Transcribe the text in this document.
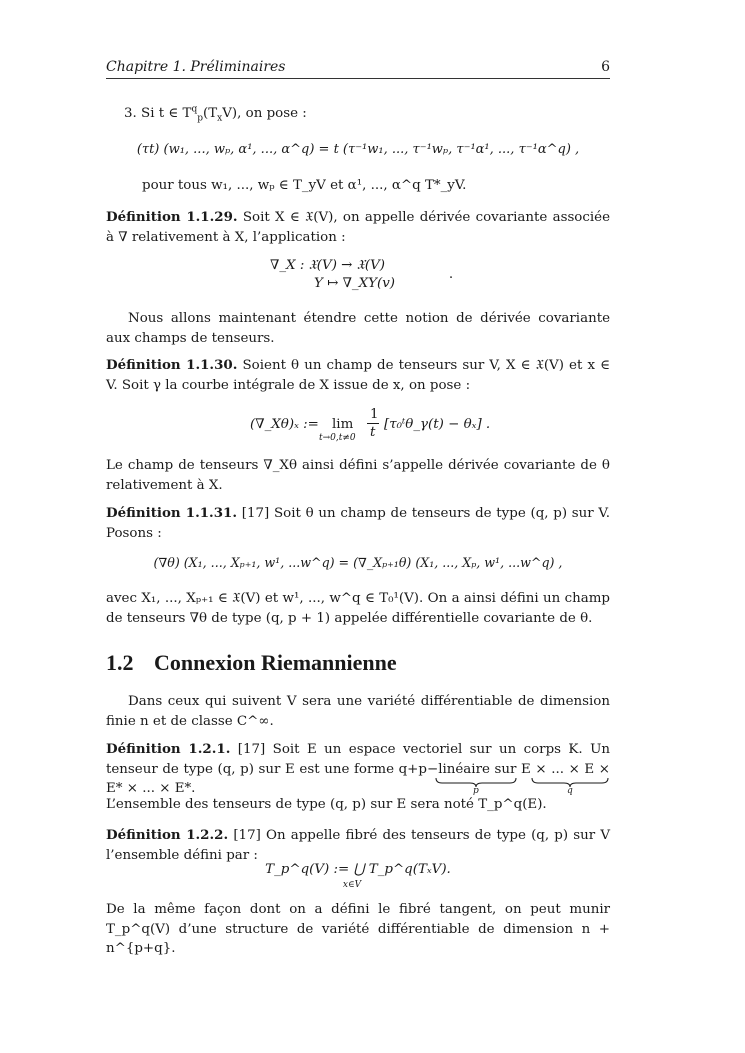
Chapitre 1. Préliminaires	6
3. Si t ∈ $T^q_p(T_xV)$, on pose :
(τt) (w₁, ..., wₚ, α¹, ..., α^q) = t (τ⁻¹w₁, ..., τ⁻¹wₚ, τ⁻¹α¹, ..., τ⁻¹α^q) ,
pour tous w₁, ..., wₚ ∈ T_yV et α¹, ..., α^q T*_yV.
Définition 1.1.29. Soit X ∈ 𝔛(V), on appelle dérivée covariante associée à ∇ relativement à X, l’application :
∇_X : 𝔛(V) → 𝔛(V)
Y ↦ ∇_XY(v)
.
Nous allons maintenant étendre cette notion de dérivée covariante aux champs de tenseurs.
Définition 1.1.30. Soient θ un champ de tenseurs sur V, X ∈ 𝔛(V) et x ∈ V. Soit γ la courbe intégrale de X issue de x, on pose :
(∇_Xθ)ₓ := lim
t→0,t≠0
1
t
[τ₀ᵗθ_γ(t) − θₓ] .
Le champ de tenseurs ∇_Xθ ainsi défini s’appelle dérivée covariante de θ relativement à X.
Définition 1.1.31. [17] Soit θ un champ de tenseurs de type (q, p) sur V. Posons :
(∇θ) (X₁, ..., Xₚ₊₁, w¹, ...w^q) = (∇_Xₚ₊₁θ) (X₁, ..., Xₚ, w¹, ...w^q) ,
avec X₁, ..., Xₚ₊₁ ∈ 𝔛(V) et w¹, ..., w^q ∈ T₀¹(V). On a ainsi défini un champ de tenseurs ∇θ de type (q, p + 1) appelée différentielle covariante de θ.
1.2 Connexion Riemannienne
Dans ceux qui suivent V sera une variété différentiable de dimension finie n et de classe C^∞.
Définition 1.2.1. [17] Soit E un espace vectoriel sur un corps K. Un tenseur de type (q, p) sur E est une forme q+p−linéaire sur E × ... × E × E* × ... × E*.	p	q
L’ensemble des tenseurs de type (q, p) sur E sera noté T_p^q(E).
Définition 1.2.2. [17] On appelle fibré des tenseurs de type (q, p) sur V l’ensemble défini par :
T_p^q(V) := ⋃ T_p^q(TₓV).
x∈V
De la même façon dont on a défini le fibré tangent, on peut munir T_p^q(V) d’une structure de variété différentiable de dimension n + n^{p+q}.
